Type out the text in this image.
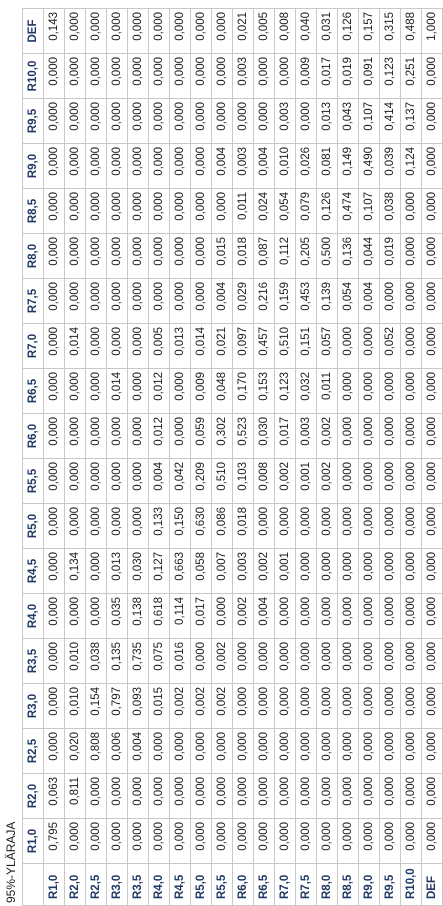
95%-YLÄRAJA
	R1,0	R2,0	R2,5	R3,0	R3,5	R4,0	R4,5	R5,0	R5,5	R6,0	R6,5	R7,0	R7,5	R8,0	R8,5	R9,0	R9,5	R10,0	DEF
R1,0	0,795	0,063	0,000	0,000	0,000	0,000	0,000	0,000	0,000	0,000	0,000	0,000	0,000	0,000	0,000	0,000	0,000	0,000	0,143
R2,0	0,000	0,811	0,020	0,010	0,010	0,000	0,134	0,000	0,000	0,000	0,000	0,014	0,000	0,000	0,000	0,000	0,000	0,000	0,000
R2,5	0,000	0,000	0,808	0,154	0,038	0,000	0,000	0,000	0,000	0,000	0,000	0,000	0,000	0,000	0,000	0,000	0,000	0,000	0,000
R3,0	0,000	0,000	0,006	0,797	0,135	0,035	0,013	0,000	0,000	0,000	0,014	0,000	0,000	0,000	0,000	0,000	0,000	0,000	0,000
R3,5	0,000	0,000	0,004	0,093	0,735	0,138	0,030	0,000	0,000	0,000	0,000	0,000	0,000	0,000	0,000	0,000	0,000	0,000	0,000
R4,0	0,000	0,000	0,000	0,015	0,075	0,618	0,127	0,133	0,004	0,012	0,012	0,005	0,000	0,000	0,000	0,000	0,000	0,000	0,000
R4,5	0,000	0,000	0,000	0,002	0,016	0,114	0,663	0,150	0,042	0,000	0,000	0,013	0,000	0,000	0,000	0,000	0,000	0,000	0,000
R5,0	0,000	0,000	0,000	0,002	0,000	0,017	0,058	0,630	0,209	0,059	0,009	0,014	0,000	0,000	0,000	0,000	0,000	0,000	0,000
R5,5	0,000	0,000	0,000	0,002	0,002	0,000	0,007	0,086	0,510	0,302	0,048	0,021	0,004	0,015	0,000	0,004	0,000	0,000	0,000
R6,0	0,000	0,000	0,000	0,000	0,000	0,002	0,003	0,018	0,103	0,523	0,170	0,097	0,029	0,018	0,011	0,003	0,000	0,003	0,021
R6,5	0,000	0,000	0,000	0,000	0,000	0,004	0,002	0,000	0,008	0,030	0,153	0,457	0,216	0,087	0,024	0,004	0,000	0,000	0,005
R7,0	0,000	0,000	0,000	0,000	0,000	0,000	0,001	0,000	0,002	0,017	0,123	0,510	0,159	0,112	0,054	0,010	0,003	0,000	0,008
R7,5	0,000	0,000	0,000	0,000	0,000	0,000	0,000	0,000	0,001	0,003	0,032	0,151	0,453	0,205	0,079	0,026	0,000	0,009	0,040
R8,0	0,000	0,000	0,000	0,000	0,000	0,000	0,000	0,000	0,002	0,002	0,011	0,057	0,139	0,500	0,126	0,081	0,013	0,017	0,031
R8,5	0,000	0,000	0,000	0,000	0,000	0,000	0,000	0,000	0,000	0,000	0,000	0,000	0,054	0,136	0,474	0,149	0,043	0,019	0,126
R9,0	0,000	0,000	0,000	0,000	0,000	0,000	0,000	0,000	0,000	0,000	0,000	0,000	0,004	0,044	0,107	0,490	0,107	0,091	0,157
R9,5	0,000	0,000	0,000	0,000	0,000	0,000	0,000	0,000	0,000	0,000	0,000	0,052	0,000	0,019	0,038	0,039	0,414	0,123	0,315
R10,0	0,000	0,000	0,000	0,000	0,000	0,000	0,000	0,000	0,000	0,000	0,000	0,000	0,000	0,000	0,000	0,124	0,137	0,251	0,488
DEF	0,000	0,000	0,000	0,000	0,000	0,000	0,000	0,000	0,000	0,000	0,000	0,000	0,000	0,000	0,000	0,000	0,000	0,000	1,000
